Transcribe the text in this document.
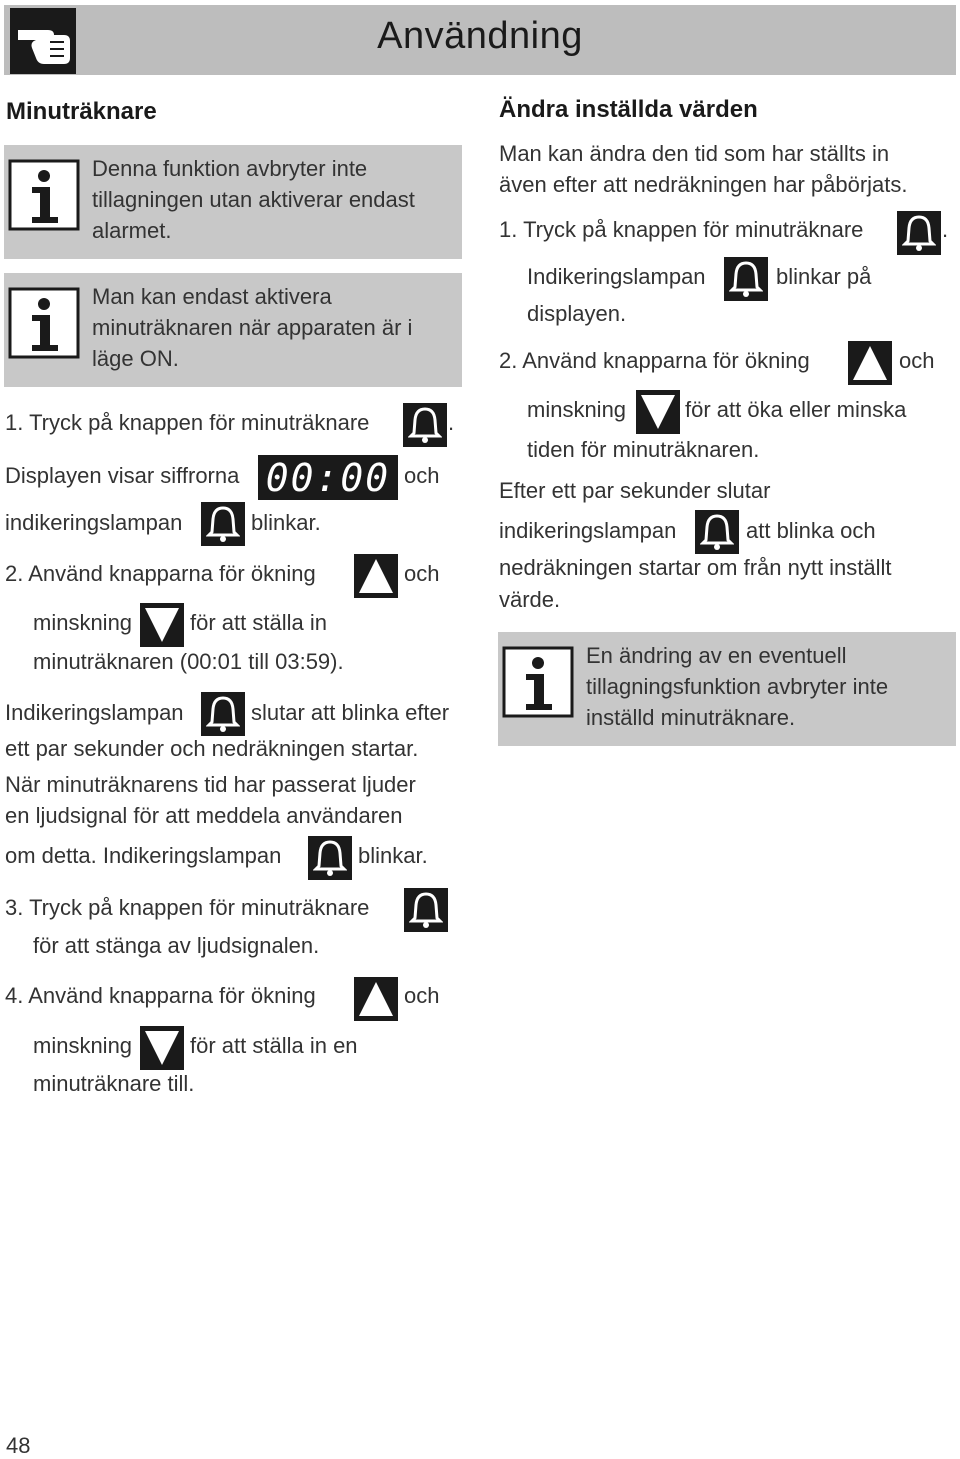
Användning
Minuträknare
Denna funktion avbryter inte
tillagningen utan aktiverar endast
alarmet.
Man kan endast aktivera
minuträknaren när apparaten är i
läge ON.
1. Tryck på knappen för minuträknare	.
Displayen visar siffrorna 00:00 och
indikeringslampan	blinkar.
2. Använd knapparna för ökning	och
minskning	för att ställa in
minuträknaren (00:01 till 03:59).
Indikeringslampan	slutar att blinka efter
ett par sekunder och nedräkningen startar.
När minuträknarens tid har passerat ljuder
en ljudsignal för att meddela användaren
om detta. Indikeringslampan	blinkar.
3. Tryck på knappen för minuträknare
för att stänga av ljudsignalen.
4. Använd knapparna för ökning	och
minskning	för att ställa in en
minuträknare till.
Ändra inställda värden
Man kan ändra den tid som har ställts in
även efter att nedräkningen har påbörjats.
1. Tryck på knappen för minuträknare	.
Indikeringslampan	blinkar på
displayen.
2. Använd knapparna för ökning	och
minskning	för att öka eller minska
tiden för minuträknaren.
Efter ett par sekunder slutar
indikeringslampan	att blinka och
nedräkningen startar om från nytt inställt
värde.
En ändring av en eventuell
tillagningsfunktion avbryter inte
inställd minuträknare.
48
